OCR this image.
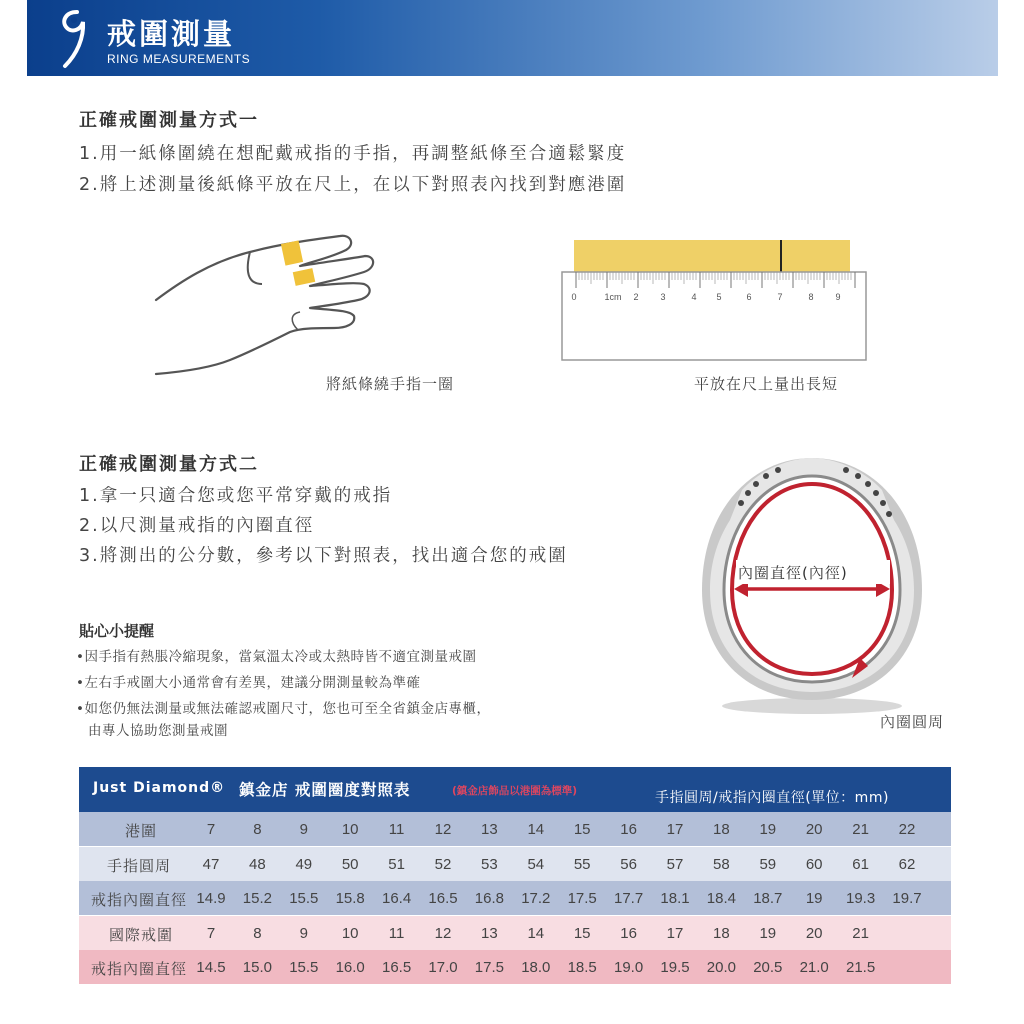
戒圍測量
RING MEASUREMENTS
正確戒圍測量方式一
1.用一紙條圍繞在想配戴戒指的手指，再調整紙條至合適鬆緊度
2.將上述測量後紙條平放在尺上，在以下對照表內找到對應港圍
將紙條繞手指一圈
0	1cm 2 3	4 5	6	7	8 9
平放在尺上量出長短
正確戒圍測量方式二
1.拿一只適合您或您平常穿戴的戒指
2.以尺測量戒指的內圈直徑
3.將測出的公分數，參考以下對照表，找出適合您的戒圍
內圈直徑(內徑)
內圈圓周
貼心小提醒
•因手指有熱脹冷縮現象，當氣溫太冷或太熱時皆不適宜測量戒圍
•左右手戒圍大小通常會有差異，建議分開測量較為準確
•如您仍無法測量或無法確認戒圍尺寸，您也可至全省鎮金店專櫃，
由專人協助您測量戒圍
Just Diamond® 鎮金店 戒圍圈度對照表	(鎮金店飾品以港圍為標準)	手指圓周/戒指內圈直徑(單位：mm)
港圍	7	8	9	10	11	12	13	14	15	16	17	18	19	20	21	22
手指圓周	47	48	49	50	51	52	53	54	55	56	57	58	59	60	61	62
戒指內圈直徑 14.9	15.2	15.5	15.8	16.4	16.5	16.8	17.2	17.5	17.7	18.1	18.4	18.7	19	19.3	19.7
國際戒圍	7	8	9	10	11	12	13	14	15	16	17	18	19	20	21
戒指內圈直徑 14.5	15.0	15.5	16.0	16.5	17.0	17.5	18.0	18.5	19.0	19.5	20.0	20.5	21.0	21.5
